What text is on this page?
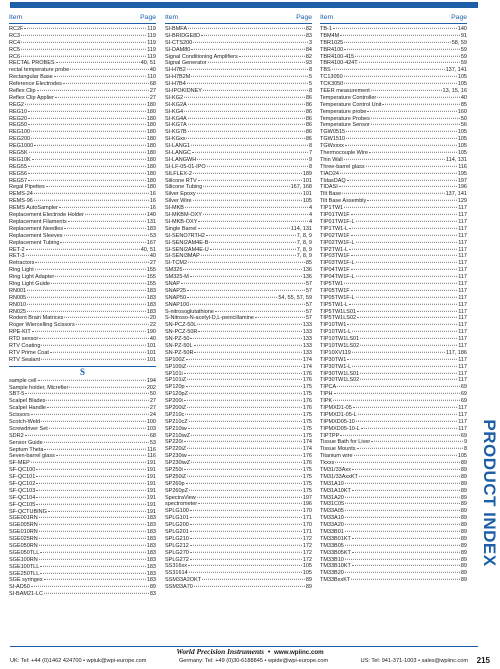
Item	Page
RC2F	119
RC3	119
RC4	119
RC5	119
RC6	119
RECTAL PROBES	40, 51
rectal temperature probe	40
Rectangular Base	110
Reference Electrodes	68
Reflex Clip	27
Reflex Clip Applier	27
REG2	180
REG10	180
REG20	180
REG50	180
REG100	180
REG200	180
REG1000	180
REG5K	180
REG10K	180
REG55	180
REG56	180
REG57	180
Regal Pipettes	180
REMS-24	16
REMS-96	16
REMS AutoSampler	16
Replacement Electrode Holder	140
Replacement Filaments	131
Replacement Needles	183
Replacement Sleeves	53
Replacement Tubing	167
RET-2	40, 51
RET-3	40
Retractors	27
Ring Light	155
Ring Light Adapter	155
Ring Light Guide	155
RN001	183
RN005	183
RN010	183
RN025	183
Rodent Brain Matrices	20
Roger Wiercelling Scissors	22
RPE-KIT	190
RTD sensor	40
RTV Coating	101
RTV Prime Coat	101
RTV Sealant	101
S
sample cell	194
Sample holder, Micrefier	202
SBT-5	50
Scalpel Blades	27
Scalpel Handle	27
Scissors	24
Scotch-Weld	100
Screwdriver Set	103
SDR2	68
Sensor Guide	53
Septum Theta	116
Seven-barrel glass	116
SF-MEP	191
SF-QC100	191
SF-QC101	191
SF-QC102	191
SF-QC103	191
SF-QC104	191
SF-QC105	191
SF-QCTUBING	191
SGE001RN	183
SGE005RN	183
SGE010RN	183
SGE025RN	183
SGE050RN	183
SGE050TLL	183
SGE100RN	183
SGE100TLL	183
SGE250TLL	183
SGE syringes	183
SI-AD50	89
SI-BAM21-LC	83
Item	Page
SI-BMFA	82
SI-BRIDGE8D	83
SI-CTS200	3
SI-DAM80	84
Signal Conditioning Amplifiers	82
Signal Generator	93
SI-H7B2	8
SI-H7B2M	5
SI-H7B4	5
SI-IPOKIDNEY	8
SI-KG2	86
SI-KG2A	86
SI-KG4	86
SI-KG4A	86
SI-KG7A	86
SI-KG7B	86
SI-KGxx	86
SI-LANG1	8
SI-LANGC	7
SI-LANGWH	9
SI-LF-05-01-IPO	8
SILFLEX-2	189
Silicone RTV	101
Silicone Tubing	167, 168
Silver Epoxy	101
Silver Wire	105
SI-MKB	4
SI-MKBM-OXY	4
SI-MKB-OXY	4
Single Barrel	114, 131
SI-SENO7RTH2	7, 8, 9
SI-SENI2AM4E-B	7, 8, 9
SI-SENI2AM4E-U	7, 8, 9
SI-SENI3MAP	7, 8, 9
SI-TCM2	85
SM325	136
SM325-M	136
SNAP	57
SNAP25	57
SNAP50	54, 55, 57, 59
SNAP100	57
S-nitrosoglutathione	57
S-Nitroso-N-acetyl-D,L-penicillamine	57
SN-PCZ-50L	133
SN-PCZ-50R	133
SN-PZ-50	133
SN-PZ-50L	133
SN-PZ-50R	133
SP100Z	174
SP100iZ	174
SP101i	176
SP101iZ	176
SP120p	175
SP120pZ	175
SP200i	176
SP200iZ	176
SP210c	175
SP210cZ	175
SP210iw	175
SP210iwZ	175
SP220i	174
SP220iZ	174
SP230iw	176
SP230iwZ	176
SP250i	175
SP250iZ	175
SP260p	175
SP260pZ	175
SpectraView	197
spectrometer	196
SPLG100	170
SPLG101	171
SPLG200	170
SPLG201	171
SPLG210	172
SPLG212	172
SPLG270	172
SPLG272	172
SS316xx	105
SS31614	105
SSM33A2OKT	89
SSM33A70	89
Item	Page
TB-1	140
TBM4M	91
TBR1025	58, 59
TBR4100	59
TBR4100-415	59
TBR4100-424T	59
TBS	137, 141
TC13050	105
TCK3050	105
TEER measurement	13, 15, 16
Temperature Controller	40
Temperature Control Unit	85
Temperature probe	160
Temperature Probes	50
Temperature Sensor	56
TGW0515	105
TGW1510	105
TGWxxxx	105
Thermocouple Wire	105
Thin Wall	114, 131
Three-barrel glass	116
TIAO24	195
TIdasDAQ	197
TIDASI	196
Tilt Base	137, 141
Tilt Base Assembly	129
TIP1TW1	117
TIP01TW1F	117
TIP01TW1F-L	117
TIP1TW1-L	117
TIP02TW1F	117
TIP02TW1F-L	117
TIP2TW1-L	117
TIP03TW1F	117
TIP03TW1F-L	117
TIP04TW1F	117
TIP04TW1F-L	117
TIP5TW1	117
TIP05TW1F	117
TIP05TW1F-L	117
TIP5TW1-L	117
TIP5TW1LS01	117
TIP5TW1LS02	117
TIP10TW1	117
TIP10TW1-L	117
TIP10TW1LS01	117
TIP10TW1LS02	117
TIP10XV119	117, 186
TIP30TW1	117
TIP30TW1-L	117
TIP30TW1LS01	117
TIP30TW1LS02	117
TIPCA	69
TIPH	69
TIPK	69
TIPMXD1-05	117
TIPMXD1-05-L	117
TIPMXD05-10	117
TIPMXD05-10-L	117
TIPTPP	69
Tissue Bath for Liver	9
Tissue Mounts	8
Titanium wire	105
Tkxxx	89
TM31/33Axx	89
TM31/33AxxKT	89
TM31A10	89
TM31A10KT	89
TM31A20	89
TM31C05	89
TM33A05	89
TM33A10	89
TM33A20	89
TM33B01	89
TM33B01KT	89
TM33B05	89
TM33B05KT	89
TM33B10	89
TM33B10KT	89
TM33B20	89
TM33BxxKT	89
PRODUCT INDEX
World Precision Instruments  •  www.wpiinc.com
UK: Tel: +44 (0)1462 424700 • wpiuk@wpi-europe.com	Germany: Tel: +49 (0)30-6188845 • wpide@wpi-europe.com	US: Tel: 941-371-1003 • sales@wpiinc.com 215
